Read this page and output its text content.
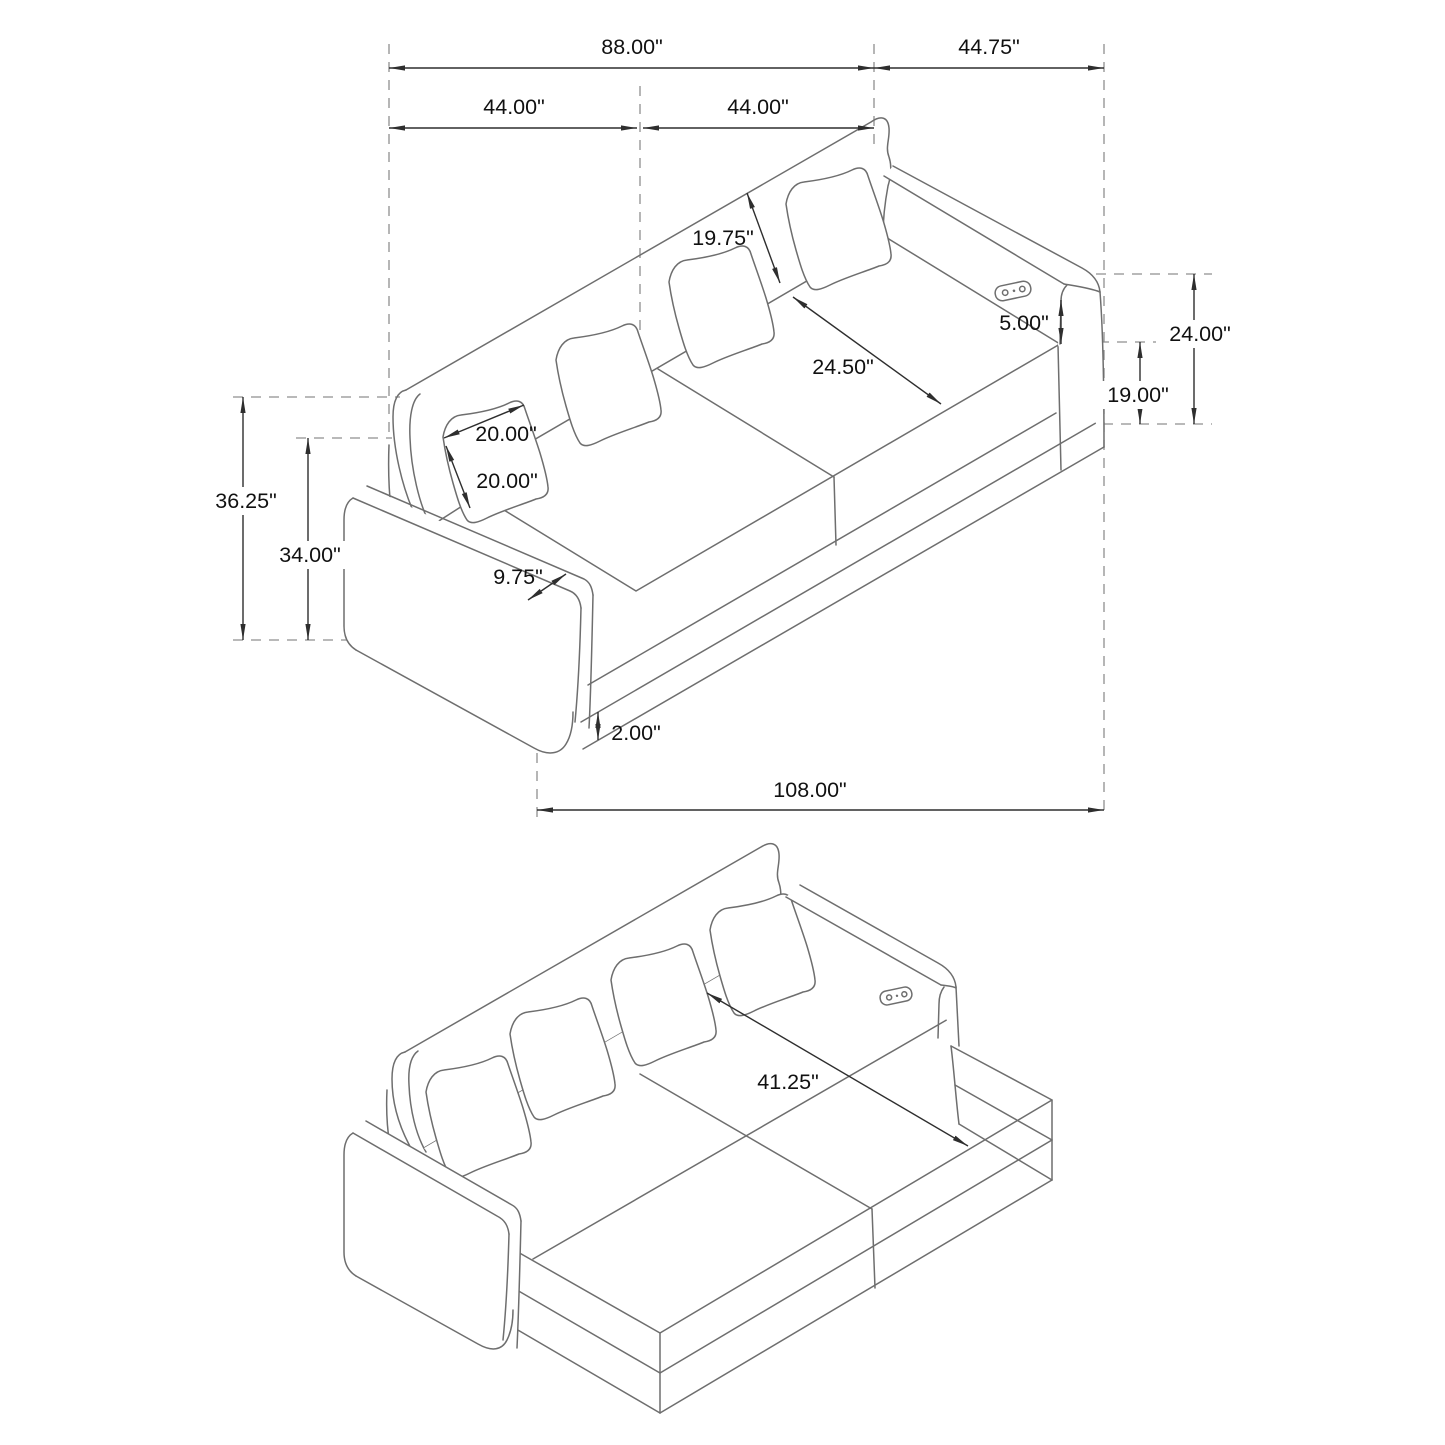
88.00"	44.75"
44.00"	44.00"
19.75"
5.00"
24.50"
24.00"
19.00"
36.25"
34.00"
20.00"
20.00"
9.75"
2.00"
108.00"
41.25"
